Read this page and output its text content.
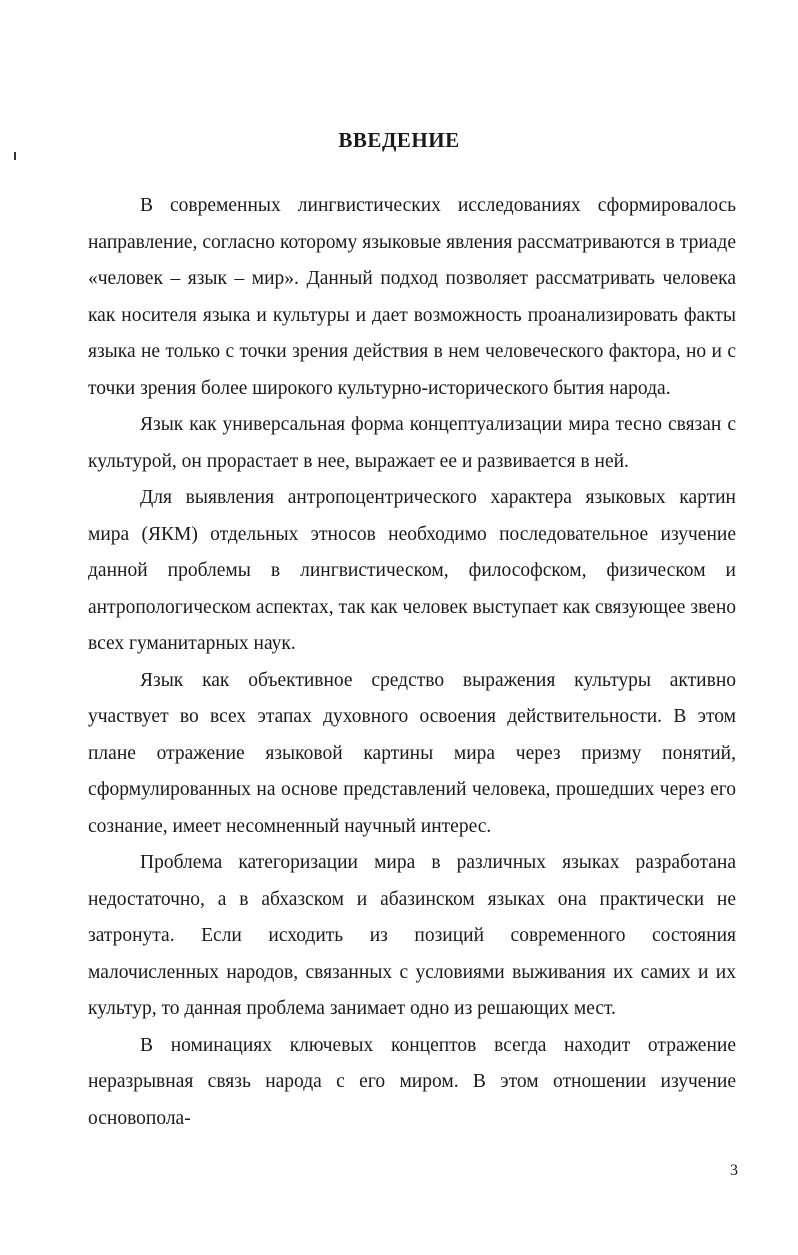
ВВЕДЕНИЕ

В современных лингвистических исследованиях сформировалось направление, согласно которому языковые явления рассматриваются в триаде «человек – язык – мир». Данный подход позволяет рассматривать человека как носителя языка и культуры и дает возможность проанализировать факты языка не только с точки зрения действия в нем человеческого фактора, но и с точки зрения более широкого культурно-исторического бытия народа.

Язык как универсальная форма концептуализации мира тесно связан с культурой, он прорастает в нее, выражает ее и развивается в ней.

Для выявления антропоцентрического характера языковых картин мира (ЯКМ) отдельных этносов необходимо последовательное изучение данной проблемы в лингвистическом, философском, физическом и антропологическом аспектах, так как человек выступает как связующее звено всех гуманитарных наук.

Язык как объективное средство выражения культуры активно участвует во всех этапах духовного освоения действительности. В этом плане отражение языковой картины мира через призму понятий, сформулированных на основе представлений человека, прошедших через его сознание, имеет несомненный научный интерес.

Проблема категоризации мира в различных языках разработана недостаточно, а в абхазском и абазинском языках она практически не затронута. Если исходить из позиций современного состояния малочисленных народов, связанных с условиями выживания их самих и их культур, то данная проблема занимает одно из решающих мест.

В номинациях ключевых концептов всегда находит отражение неразрывная связь народа с его миром. В этом отношении изучение основопола-

3
